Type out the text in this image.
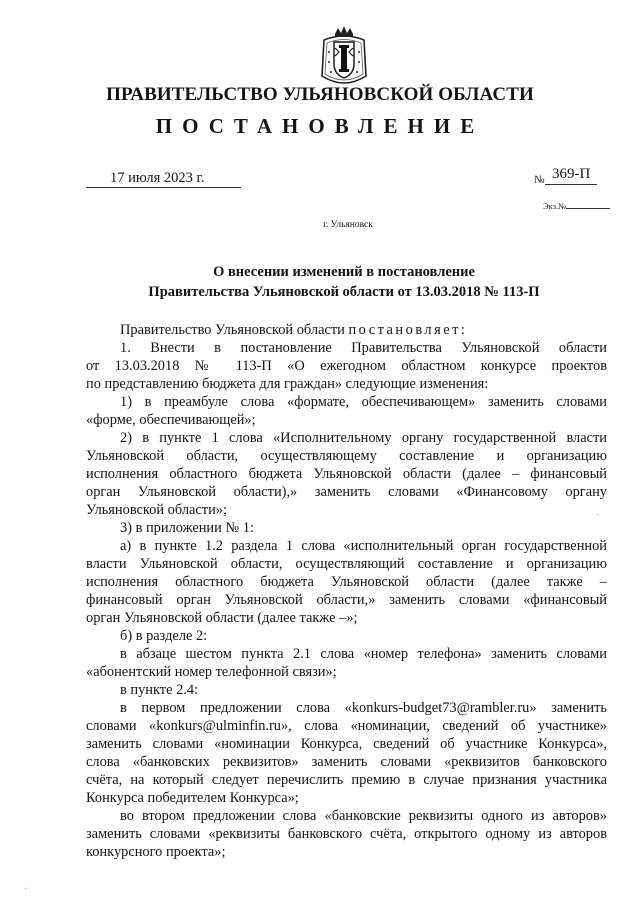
ПРАВИТЕЛЬСТВО УЛЬЯНОВСКОЙ ОБЛАСТИ
ПОСТАНОВЛЕНИЕ
17 июля 2023 г.	№ 369-П
Экз.№
г. Ульяновск
О внесении изменений в постановление
Правительства Ульяновской области от 13.03.2018 № 113-П
Правительство Ульяновской области постановляет:
1. Внести в постановление Правительства Ульяновской области
от 13.03.2018 № 113-П «О ежегодном областном конкурсе проектов
по представлению бюджета для граждан» следующие изменения:
1) в преамбуле слова «формате, обеспечивающем» заменить словами
«форме, обеспечивающей»;
2) в пункте 1 слова «Исполнительному органу государственной власти
Ульяновской области, осуществляющему составление и организацию
исполнения областного бюджета Ульяновской области (далее – финансовый
орган Ульяновской области),» заменить словами «Финансовому органу
Ульяновской области»;
3) в приложении № 1:
а) в пункте 1.2 раздела 1 слова «исполнительный орган государственной
власти Ульяновской области, осуществляющий составление и организацию
исполнения областного бюджета Ульяновской области (далее также –
финансовый орган Ульяновской области,» заменить словами «финансовый
орган Ульяновской области (далее также –»;
б) в разделе 2:
в абзаце шестом пункта 2.1 слова «номер телефона» заменить словами
«абонентский номер телефонной связи»;
в пункте 2.4:
в первом предложении слова «konkurs-budget73@rambler.ru» заменить
словами «konkurs@ulminfin.ru», слова «номинации, сведений об участнике»
заменить словами «номинации Конкурса, сведений об участнике Конкурса»,
слова «банковских реквизитов» заменить словами «реквизитов банковского
счёта, на который следует перечислить премию в случае признания участника
Конкурса победителем Конкурса»;
во втором предложении слова «банковские реквизиты одного из авторов»
заменить словами «реквизиты банковского счёта, открытого одному из авторов
конкурсного проекта»;
·
·
